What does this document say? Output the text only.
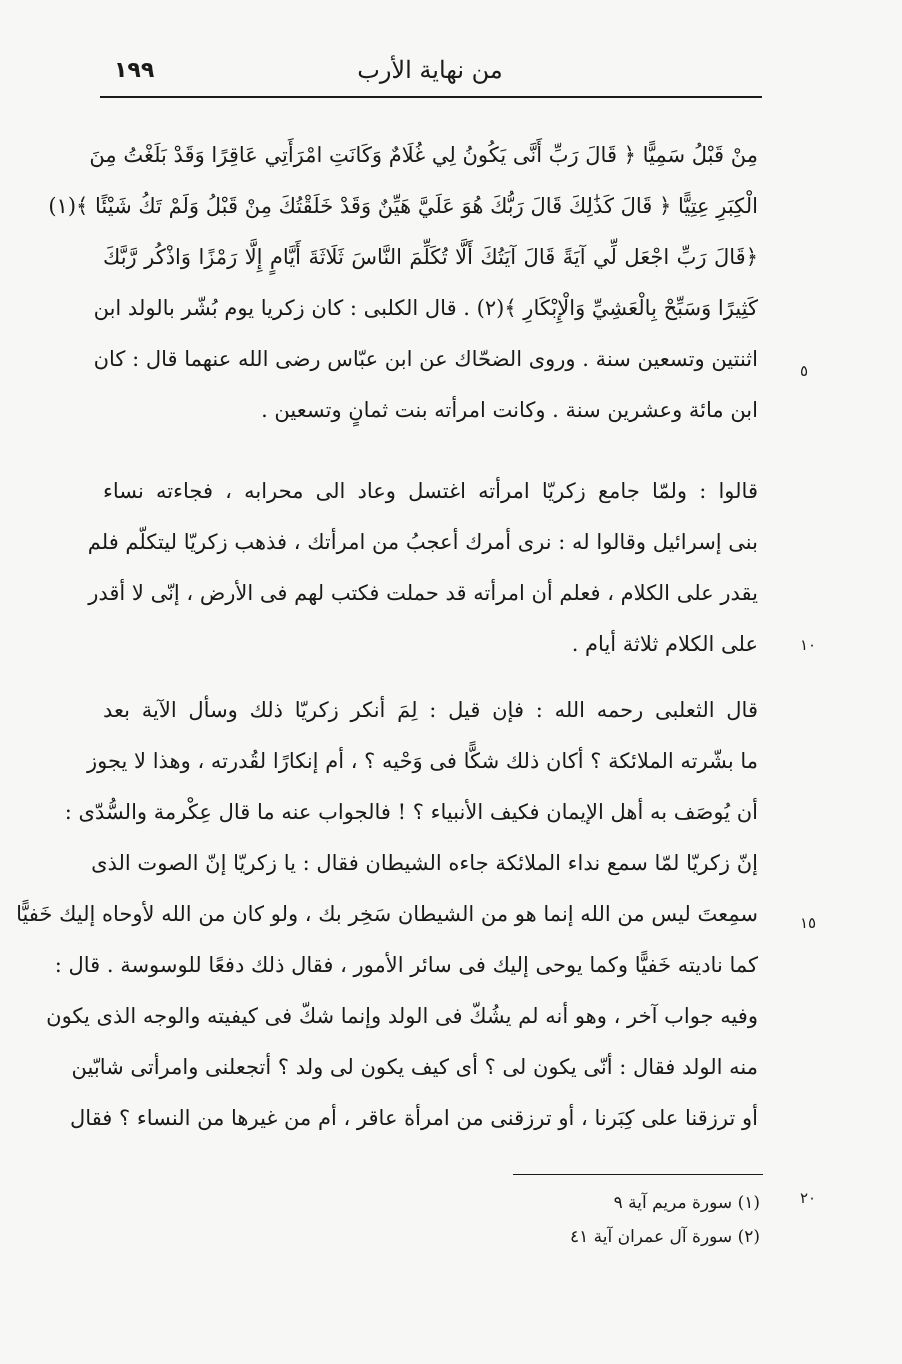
١٩٩	من نهاية الأرب
٥
١٠
١٥
٢٠
مِنْ قَبْلُ سَمِيًّا ﴿ قَالَ رَبِّ أَنَّى يَكُونُ لِي غُلَامٌ وَكَانَتِ امْرَأَتِي عَاقِرًا وَقَدْ بَلَغْتُ مِنَ
الْكِبَرِ عِتِيًّا ﴿ قَالَ كَذَٰلِكَ قَالَ رَبُّكَ هُوَ عَلَيَّ هَيِّنٌ وَقَدْ خَلَقْتُكَ مِنْ قَبْلُ وَلَمْ تَكُ شَيْئًا ﴾(١)
﴿قَالَ رَبِّ اجْعَل لِّي آيَةً قَالَ آيَتُكَ أَلَّا تُكَلِّمَ النَّاسَ ثَلَاثَةَ أَيَّامٍ إِلَّا رَمْزًا وَاذْكُر رَّبَّكَ
كَثِيرًا وَسَبِّحْ بِالْعَشِيِّ وَالْإِبْكَارِ ﴾(٢) . قال الكلبى : كان زكريا يوم بُشّر بالولد ابن
اثنتين وتسعين سنة . وروى الضحّاك عن ابن عبّاس رضى الله عنهما قال : كان
ابن مائة وعشرين سنة . وكانت امرأته بنت ثمانٍ وتسعين .
قالوا : ولمّا جامع زكريّا امرأته اغتسل وعاد الى محرابه ، فجاءته نساء
بنى إسرائيل وقالوا له : نرى أمرك أعجبُ من امرأتك ، فذهب زكريّا ليتكلّم فلم
يقدر على الكلام ، فعلم أن امرأته قد حملت فكتب لهم فى الأرض ، إنّى لا أقدر
على الكلام ثلاثة أيام .
قال الثعلبى رحمه الله : فإن قيل : لِمَ أنكر زكريّا ذلك وسأل الآية بعد
ما بشّرته الملائكة ؟ أكان ذلك شكًّا فى وَحْيه ؟ ، أم إنكارًا لقُدرته ، وهذا لا يجوز
أن يُوصَف به أهل الإيمان فكيف الأنبياء ؟ ! فالجواب عنه ما قال عِكْرمة والسُّدّى :
إنّ زكريّا لمّا سمع نداء الملائكة جاءه الشيطان فقال : يا زكريّا إنّ الصوت الذى
سمِعتَ ليس من الله إنما هو من الشيطان سَخِر بك ، ولو كان من الله لأوحاه إليك خَفيًّا
كما ناديته خَفيًّا وكما يوحى إليك فى سائر الأمور ، فقال ذلك دفعًا للوسوسة . قال :
وفيه جواب آخر ، وهو أنه لم يشُكّ فى الولد وإنما شكّ فى كيفيته والوجه الذى يكون
منه الولد فقال : أنّى يكون لى ؟ أى كيف يكون لى ولد ؟ أتجعلنى وامرأتى شابّين
أو ترزقنا على كِبَرنا ، أو ترزقنى من امرأة عاقر ، أم من غيرها من النساء ؟ فقال
(١) سورة مريم آية ٩
(٢) سورة آل عمران آية ٤١
